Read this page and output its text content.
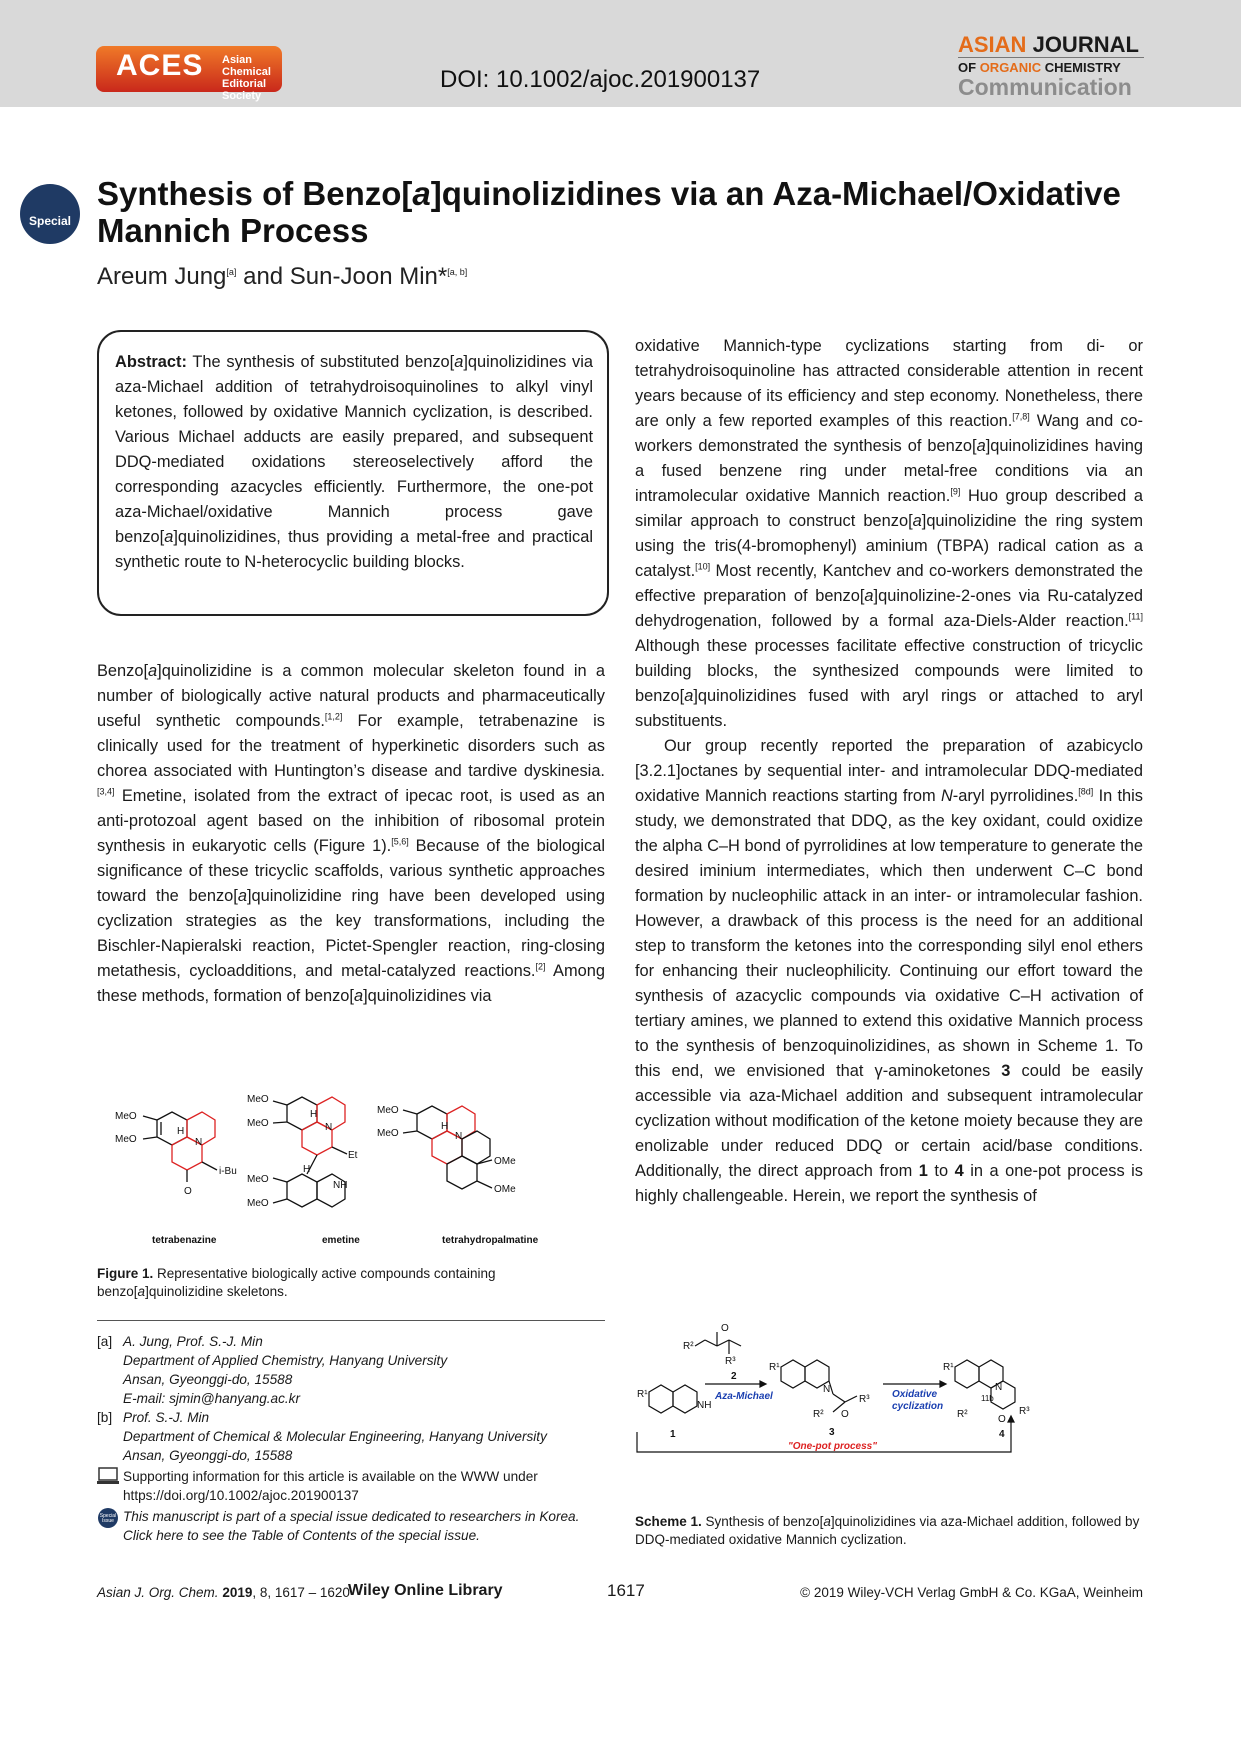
ACES Asian Chemical
Editorial Society
DOI: 10.1002/ajoc.201900137
ASIAN JOURNAL
OF ORGANIC CHEMISTRY
Communication
Special

Issue
Synthesis of Benzo[a]quinolizidines via an Aza-Michael/Oxidative Mannich Process
Areum Jung[a] and Sun-Joon Min*[a, b]
Abstract: The synthesis of substituted benzo[a]quinolizidines via aza-Michael addition of tetrahydroisoquinolines to alkyl vinyl ketones, followed by oxidative Mannich cyclization, is described. Various Michael adducts are easily prepared, and subsequent DDQ-mediated oxidations stereoselectively afford the corresponding azacycles efficiently. Furthermore, the one-pot aza-Michael/oxidative Mannich process gave benzo[a]quinolizidines, thus providing a metal-free and practical synthetic route to N-heterocyclic building blocks.

Benzo[a]quinolizidine is a common molecular skeleton found in a number of biologically active natural products and pharmaceutically useful synthetic compounds.[1,2] For example, tetrabenazine is clinically used for the treatment of hyperkinetic disorders such as chorea associated with Huntington’s disease and tardive dyskinesia.[3,4] Emetine, isolated from the extract of ipecac root, is used as an anti-protozoal agent based on the inhibition of ribosomal protein synthesis in eukaryotic cells (Figure 1).[5,6] Because of the biological significance of these tricyclic scaffolds, various synthetic approaches toward the benzo[a]quinolizidine ring have been developed using cyclization strategies as the key transformations, including the Bischler-Napieralski reaction, Pictet-Spengler reaction, ring-closing metathesis, cycloadditions, and metal-catalyzed reactions.[2] Among these methods, formation of benzo[a]quinolizidines via

oxidative Mannich-type cyclizations starting from di- or tetrahydroisoquinoline has attracted considerable attention in recent years because of its efficiency and step economy. Nonetheless, there are only a few reported examples of this reaction.[7,8] Wang and co-workers demonstrated the synthesis of benzo[a]quinolizidines having a fused benzene ring under metal-free conditions via an intramolecular oxidative Mannich reaction.[9] Huo group described a similar approach to construct benzo[a]quinolizidine the ring system using the tris(4-bromophenyl) aminium (TBPA) radical cation as a catalyst.[10] Most recently, Kantchev and co-workers demonstrated the effective preparation of benzo[a]quinolizine-2-ones via Ru-catalyzed dehydrogenation, followed by a formal aza-Diels-Alder reaction.[11] Although these processes facilitate effective construction of tricyclic building blocks, the synthesized compounds were limited to benzo[a]quinolizidines fused with aryl rings or attached to aryl substituents.

Our group recently reported the preparation of azabicyclo [3.2.1]octanes by sequential inter- and intramolecular DDQ-mediated oxidative Mannich reactions starting from N-aryl pyrrolidines.[8d] In this study, we demonstrated that DDQ, as the key oxidant, could oxidize the alpha C–H bond of pyrrolidines at low temperature to generate the desired iminium intermediates, which then underwent C–C bond formation by nucleophilic attack in an inter- or intramolecular fashion. However, a drawback of this process is the need for an additional step to transform the ketones into the corresponding silyl enol ethers for enhancing their nucleophilicity. Continuing our effort toward the synthesis of azacyclic compounds via oxidative C–H activation of tertiary amines, we planned to extend this oxidative Mannich process to the synthesis of benzoquinolizidines, as shown in Scheme 1. To this end, we envisioned that γ-aminoketones 3 could be easily accessible via aza-Michael addition and subsequent intramolecular cyclization without modification of the ketone moiety because they are enolizable under reduced DDQ or certain acid/base conditions. Additionally, the direct approach from 1 to 4 in a one-pot process is highly challengeable. Herein, we report the synthesis of

MeO
MeO
H
N
O
i-Bu
MeO
MeO
H
N
Et
H
NH
MeO
MeO
MeO
MeO
H
N
OMe
OMe
tetrabenazine	emetine	tetrahydropalmatine
Figure 1. Representative biologically active compounds containing benzo[a]quinolizidine skeletons.
[a] A. Jung, Prof. S.-J. Min
Department of Applied Chemistry, Hanyang University
Ansan, Gyeonggi-do, 15588
E-mail: sjmin@hanyang.ac.kr
[b] Prof. S.-J. Min
Department of Chemical & Molecular Engineering, Hanyang University
Ansan, Gyeonggi-do, 15588
Supporting information for this article is available on the WWW under
https://doi.org/10.1002/ajoc.201900137
Special
Issue This manuscript is part of a special issue dedicated to researchers in Korea.
Click here to see the Table of Contents of the special issue.
R¹
NH
1
O
R²
R³
2
R¹
N
R² O
R³
3
R¹
N
11b
R²	O
R³
4
Aza-Michael	Oxidative
cyclization
"One-pot process"
Scheme 1. Synthesis of benzo[a]quinolizidines via aza-Michael addition, followed by DDQ-mediated oxidative Mannich cyclization.
Asian J. Org. Chem. 2019, 8, 1617 – 1620
Wiley Online Library	1617	© 2019 Wiley-VCH Verlag GmbH & Co. KGaA, Weinheim
